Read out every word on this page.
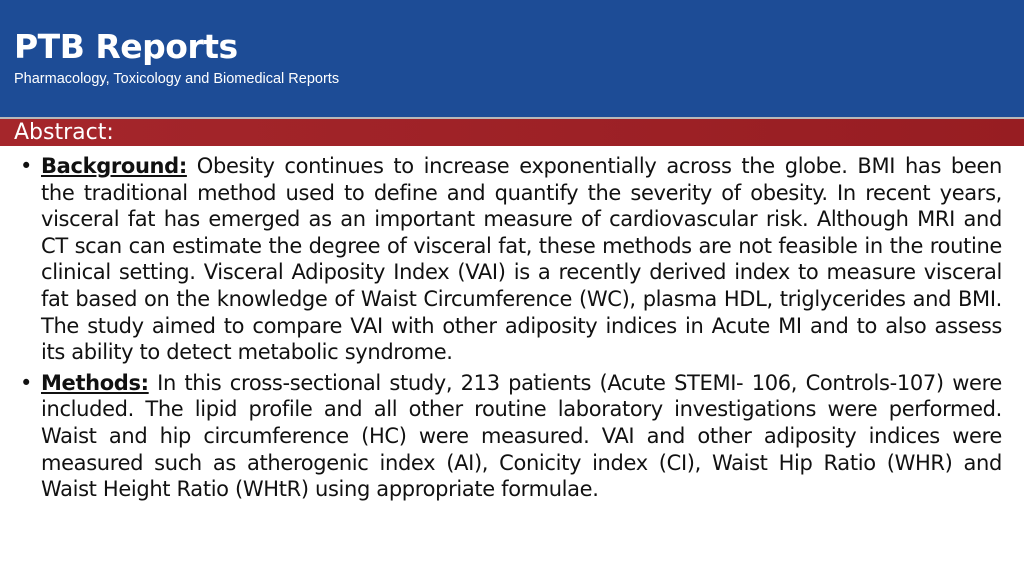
PTB Reports
Pharmacology, Toxicology and Biomedical Reports
Abstract:

• Background: Obesity continues to increase exponentially across the globe. BMI has been the traditional method used to define and quantify the severity of obesity. In recent years, visceral fat has emerged as an important measure of cardiovascular risk. Although MRI and CT scan can estimate the degree of visceral fat, these methods are not feasible in the routine clinical setting. Visceral Adiposity Index (VAI) is a recently derived index to measure visceral fat based on the knowledge of Waist Circumference (WC), plasma HDL, triglycerides and BMI. The study aimed to compare VAI with other adiposity indices in Acute MI and to also assess its ability to detect metabolic syndrome.

• Methods: In this cross-sectional study, 213 patients (Acute STEMI- 106, Controls-107) were included. The lipid profile and all other routine laboratory investigations were performed. Waist and hip circumference (HC) were measured. VAI and other adiposity indices were measured such as atherogenic index (AI), Conicity index (CI), Waist Hip Ratio (WHR) and Waist Height Ratio (WHtR) using appropriate formulae.
